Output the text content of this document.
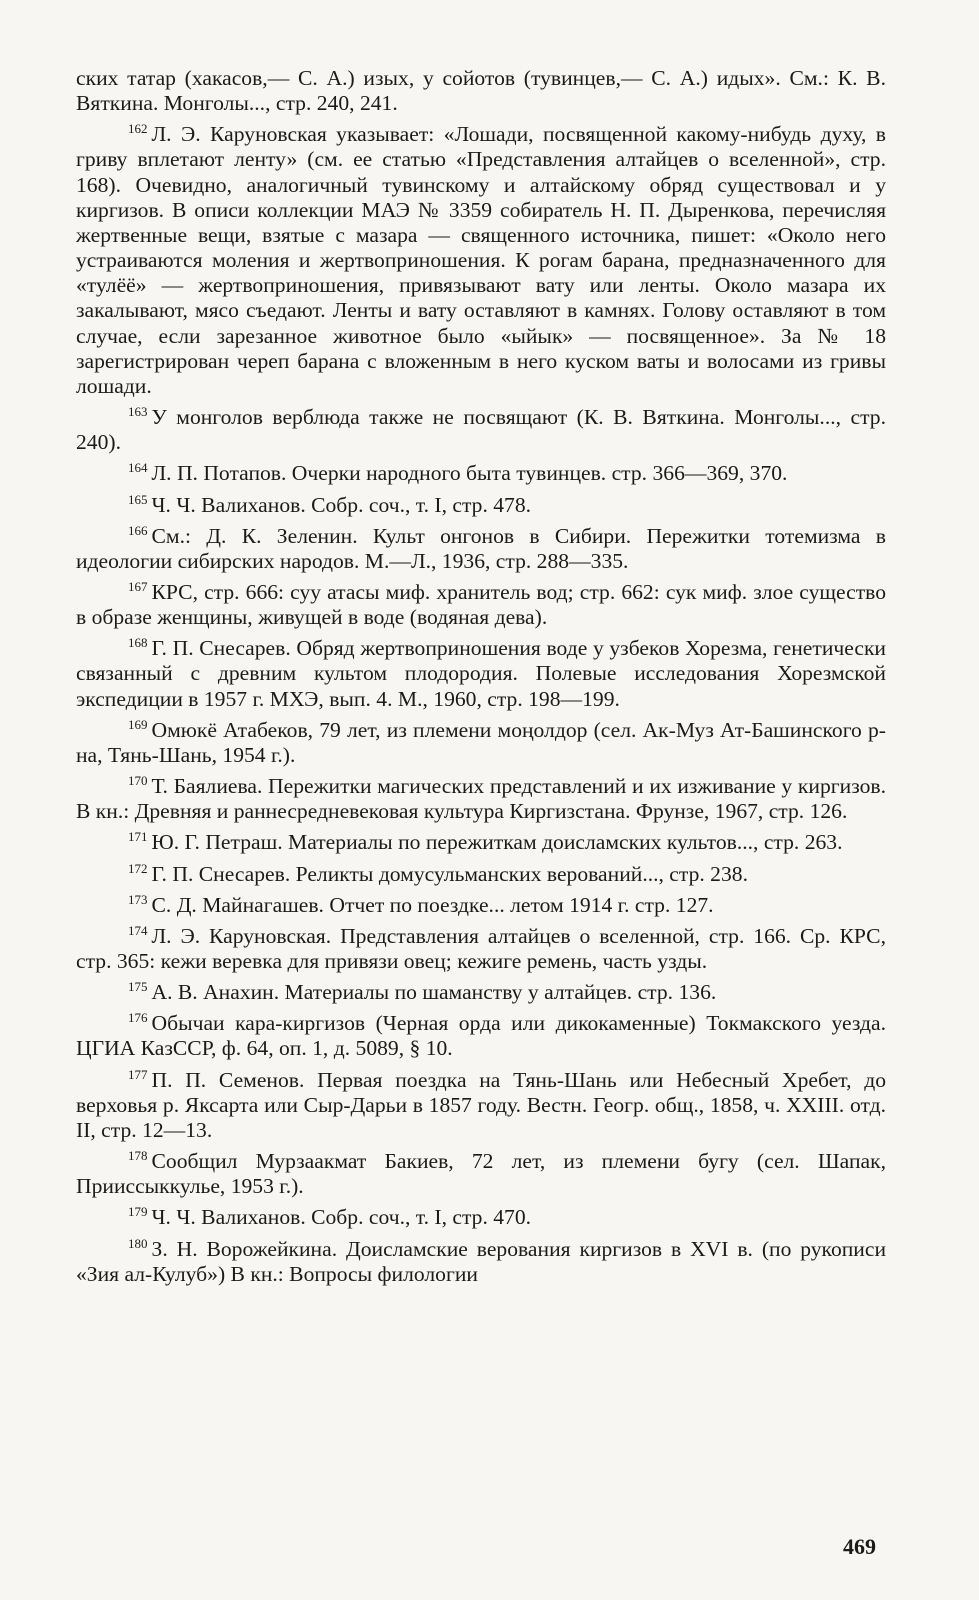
ских татар (хакасов,— С. А.) изых, у сойотов (тувинцев,— С. А.) идых». См.: К. В. Вяткина. Монголы..., стр. 240, 241.

$^{162}$ Л. Э. Каруновская указывает: «Лошади, посвященной какому-нибудь духу, в гриву вплетают ленту» (см. ее статью «Представления алтайцев о вселенной», стр. 168). Очевидно, аналогичный тувинскому и алтайскому обряд существовал и у киргизов. В описи коллекции МАЭ № 3359 собиратель Н. П. Дыренкова, перечисляя жертвенные вещи, взятые с мазара — священного источника, пишет: «Около него устраиваются моления и жертвоприношения. К рогам барана, предназначенного для «тулёё» — жертвоприношения, привязывают вату или ленты. Около мазара их закалывают, мясо съедают. Ленты и вату оставляют в камнях. Голову оставляют в том случае, если зарезанное животное было «ыйык» — посвященное». За № 18 зарегистрирован череп барана с вложенным в него куском ваты и волосами из гривы лошади.

$^{163}$ У монголов верблюда также не посвящают (К. В. Вяткина. Монголы..., стр. 240).

$^{164}$ Л. П. Потапов. Очерки народного быта тувинцев. стр. 366—369, 370.

$^{165}$ Ч. Ч. Валиханов. Собр. соч., т. I, стр. 478.

$^{166}$ См.: Д. К. Зеленин. Культ онгонов в Сибири. Пережитки тотемизма в идеологии сибирских народов. М.—Л., 1936, стр. 288—335.

$^{167}$ КРС, стр. 666: суу атасы миф. хранитель вод; стр. 662: сук миф. злое существо в образе женщины, живущей в воде (водяная дева).

$^{168}$ Г. П. Снесарев. Обряд жертвоприношения воде у узбеков Хорезма, генетически связанный с древним культом плодородия. Полевые исследования Хорезмской экспедиции в 1957 г. МХЭ, вып. 4. М., 1960, стр. 198—199.

$^{169}$ Омюкё Атабеков, 79 лет, из племени моңолдор (сел. Ак-Муз Ат-Башинского р-на, Тянь-Шань, 1954 г.).

$^{170}$ Т. Баялиева. Пережитки магических представлений и их изживание у киргизов. В кн.: Древняя и раннесредневековая культура Киргизстана. Фрунзе, 1967, стр. 126.

$^{171}$ Ю. Г. Петраш. Материалы по пережиткам доисламских культов..., стр. 263.

$^{172}$ Г. П. Снесарев. Реликты домусульманских верований..., стр. 238.

$^{173}$ С. Д. Майнагашев. Отчет по поездке... летом 1914 г. стр. 127.

$^{174}$ Л. Э. Каруновская. Представления алтайцев о вселенной, стр. 166. Ср. КРС, стр. 365: кежи веревка для привязи овец; кежиге ремень, часть узды.

$^{175}$ А. В. Анахин. Материалы по шаманству у алтайцев. стр. 136.

$^{176}$ Обычаи кара-киргизов (Черная орда или дикокаменные) Токмакского уезда. ЦГИА КазССР, ф. 64, оп. 1, д. 5089, § 10.

$^{177}$ П. П. Семенов. Первая поездка на Тянь-Шань или Небесный Хребет, до верховья р. Яксарта или Сыр-Дарьи в 1857 году. Вестн. Геогр. общ., 1858, ч. XXIII. отд. II, стр. 12—13.

$^{178}$ Сообщил Мурзаакмат Бакиев, 72 лет, из племени бугу (сел. Шапак, Приисcыккулье, 1953 г.).

$^{179}$ Ч. Ч. Валиханов. Собр. соч., т. I, стр. 470.

$^{180}$ З. Н. Ворожейкина. Доисламские верования киргизов в XVI в. (по рукописи «Зия ал-Кулуб») В кн.: Вопросы филологии

469
